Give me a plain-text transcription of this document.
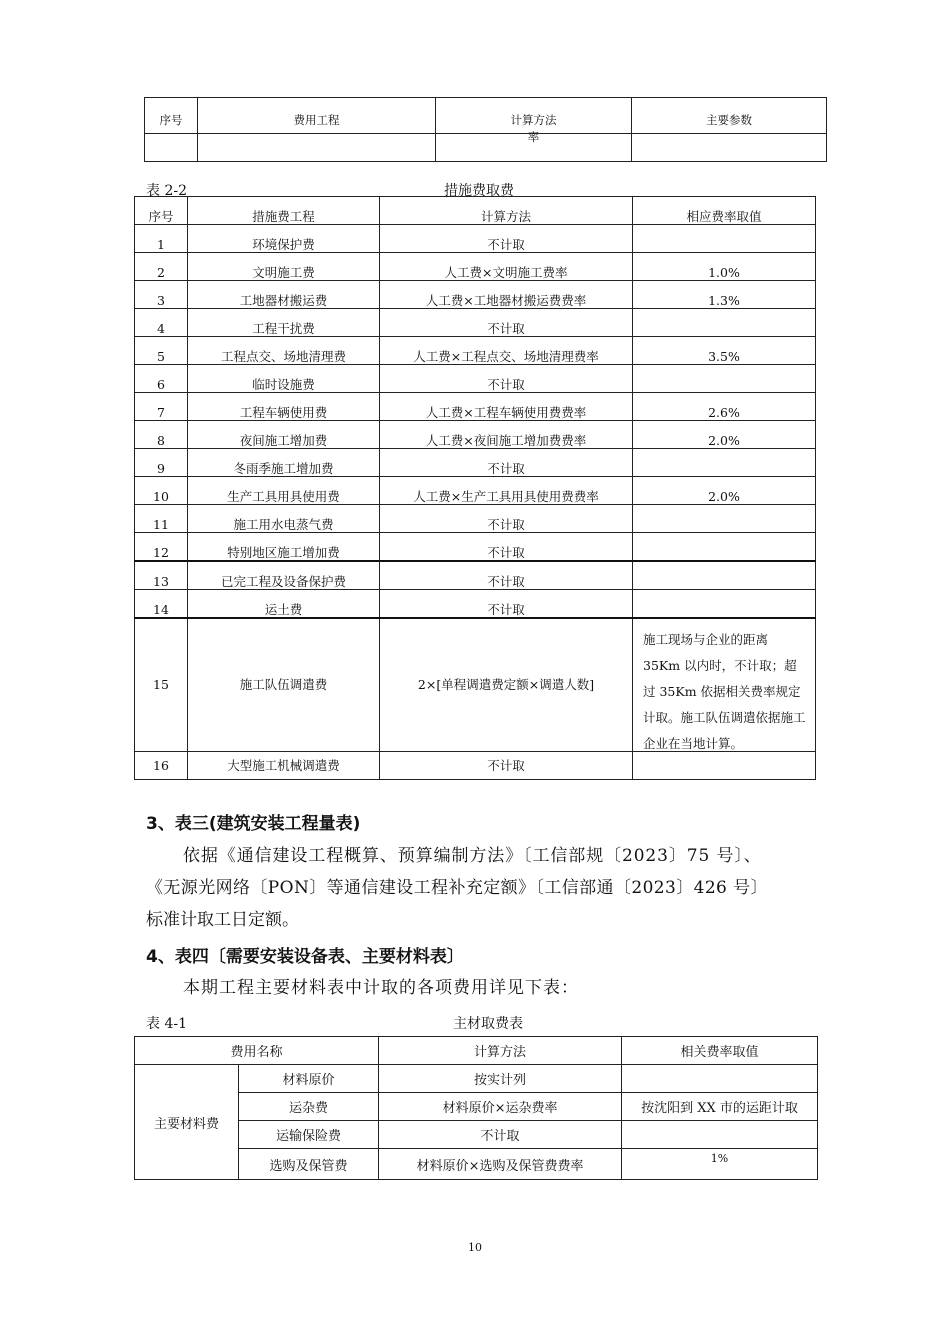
序号	费用工程	计算方法	主要参数

		率	

表 2-2	措施费取费
序号	措施费工程	计算方法	相应费率取值
1	环境保护费	不计取	
2	文明施工费	人工费×文明施工费率	1.0%
3	工地器材搬运费	人工费×工地器材搬运费费率	1.3%
4	工程干扰费	不计取	
5	工程点交、场地清理费	人工费×工程点交、场地清理费率	3.5%
6	临时设施费	不计取	
7	工程车辆使用费	人工费×工程车辆使用费费率	2.6%
8	夜间施工增加费	人工费×夜间施工增加费费率	2.0%
9	冬雨季施工增加费	不计取	
10	生产工具用具使用费	人工费×生产工具用具使用费费率	2.0%
11	施工用水电蒸气费	不计取	
12	特别地区施工增加费	不计取	
13	已完工程及设备保护费	不计取	
14	运土费	不计取	
15	施工队伍调遣费	2×[单程调遣费定额×调遣人数]	施工现场与企业的距离 35Km 以内时，不计取；超过 35Km 依据相关费率规定计取。施工队伍调遣依据施工企业在当地计算。

16	大型施工机械调遣费	不计取	
3、表三(建筑安装工程量表)
依据《通信建设工程概算、预算编制方法》〔工信部规〔2023〕75 号〕、
《无源光网络〔PON〕等通信建设工程补充定额》〔工信部通〔2023〕426 号〕
标准计取工日定额。
4、表四〔需要安装设备表、主要材料表〕
本期工程主要材料表中计取的各项费用详见下表：
表 4-1	主材取费表
费用名称		计算方法	相关费率取值
主要材料费	材料原价	按实计列	
	运杂费	材料原价×运杂费率	按沈阳到 XX 市的运距计取
	运输保险费	不计取	
	选购及保管费	材料原价×选购及保管费费率	1%
10
